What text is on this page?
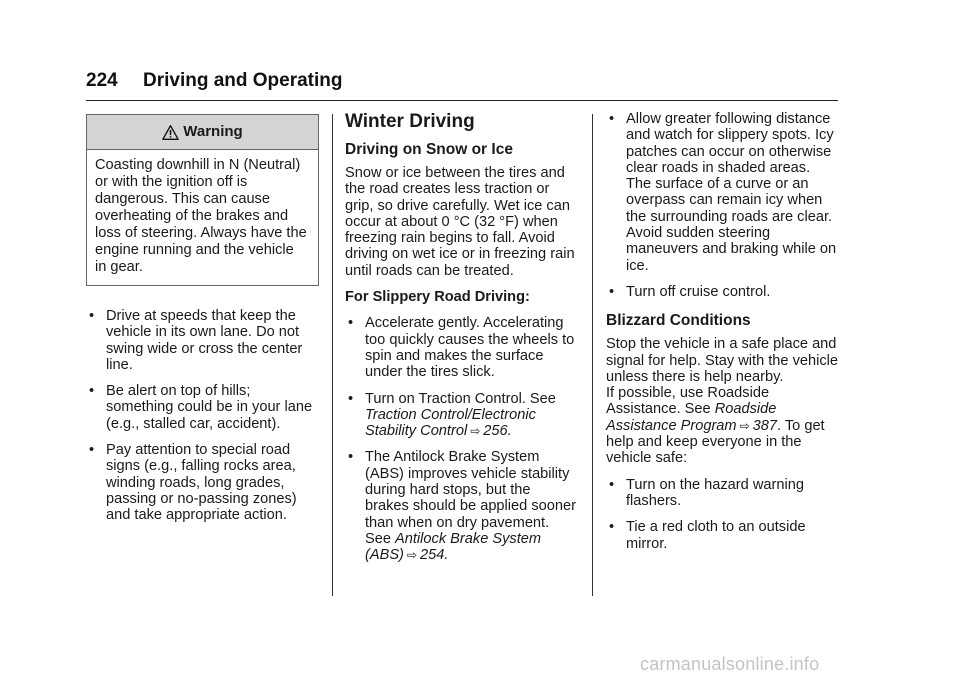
224 Driving and Operating
Warning
Coasting downhill in N (Neutral)
or with the ignition off is
dangerous. This can cause
overheating of the brakes and
loss of steering. Always have the
engine running and the vehicle
in gear.
• Drive at speeds that keep the vehicle in its own lane. Do not swing wide or cross the center line.
• Be alert on top of hills; something could be in your lane (e.g., stalled car, accident).
• Pay attention to special road signs (e.g., falling rocks area, winding roads, long grades, passing or no-passing zones) and take appropriate action.
Winter Driving
Driving on Snow or Ice

Snow or ice between the tires and the road creates less traction or grip, so drive carefully. Wet ice can occur at about 0 °C (32 °F) when freezing rain begins to fall. Avoid driving on wet ice or in freezing rain until roads can be treated.

For Slippery Road Driving:

• Accelerate gently. Accelerating too quickly causes the wheels to spin and makes the surface under the tires slick.
• Turn on Traction Control. See Traction Control/Electronic Stability Control ⇨ 256.
• The Antilock Brake System (ABS) improves vehicle stability during hard stops, but the brakes should be applied sooner than when on dry pavement. See Antilock Brake System (ABS) ⇨ 254.
• Allow greater following distance and watch for slippery spots. Icy patches can occur on otherwise clear roads in shaded areas. The surface of a curve or an overpass can remain icy when the surrounding roads are clear. Avoid sudden steering maneuvers and braking while on ice.
• Turn off cruise control.
Blizzard Conditions

Stop the vehicle in a safe place and signal for help. Stay with the vehicle unless there is help nearby.

If possible, use Roadside Assistance. See Roadside Assistance Program ⇨ 387. To get help and keep everyone in the vehicle safe:

• Turn on the hazard warning flashers.
• Tie a red cloth to an outside mirror.
carmanualsonline.info
